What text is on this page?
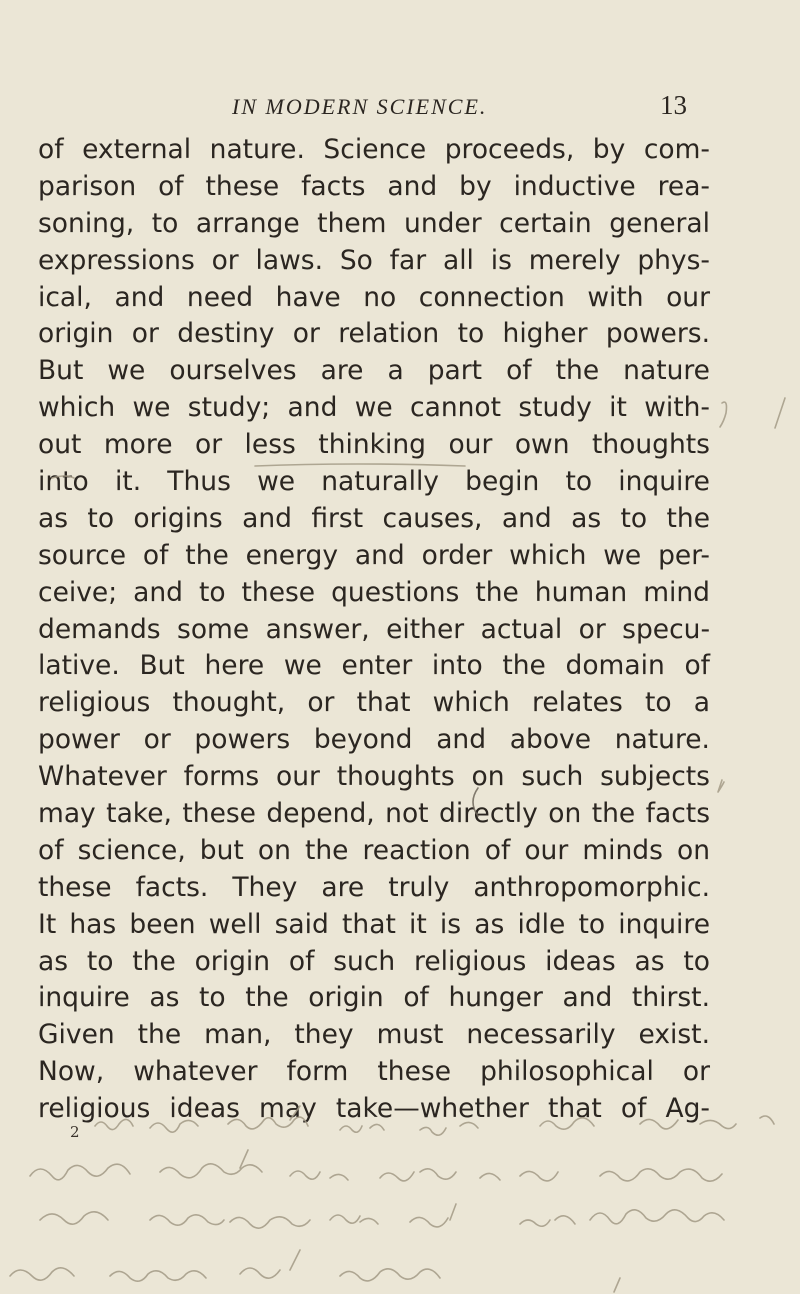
IN MODERN SCIENCE.	13
of external nature. Science proceeds, by com-
parison of these facts and by inductive rea-
soning, to arrange them under certain general
expressions or laws. So far all is merely phys-
ical, and need have no connection with our
origin or destiny or relation to higher powers.
But we ourselves are a part of the nature
which we study; and we cannot study it with-
out more or less thinking our own thoughts
into it. Thus we naturally begin to inquire
as to origins and first causes, and as to the
source of the energy and order which we per-
ceive; and to these questions the human mind
demands some answer, either actual or specu-
lative. But here we enter into the domain of
religious thought, or that which relates to a
power or powers beyond and above nature.
Whatever forms our thoughts on such subjects
may take, these depend, not directly on the facts
of science, but on the reaction of our minds on
these facts. They are truly anthropomorphic.
It has been well said that it is as idle to inquire
as to the origin of such religious ideas as to
inquire as to the origin of hunger and thirst.
Given the man, they must necessarily exist.
Now, whatever form these philosophical or
religious ideas may take—whether that of Ag-
2
